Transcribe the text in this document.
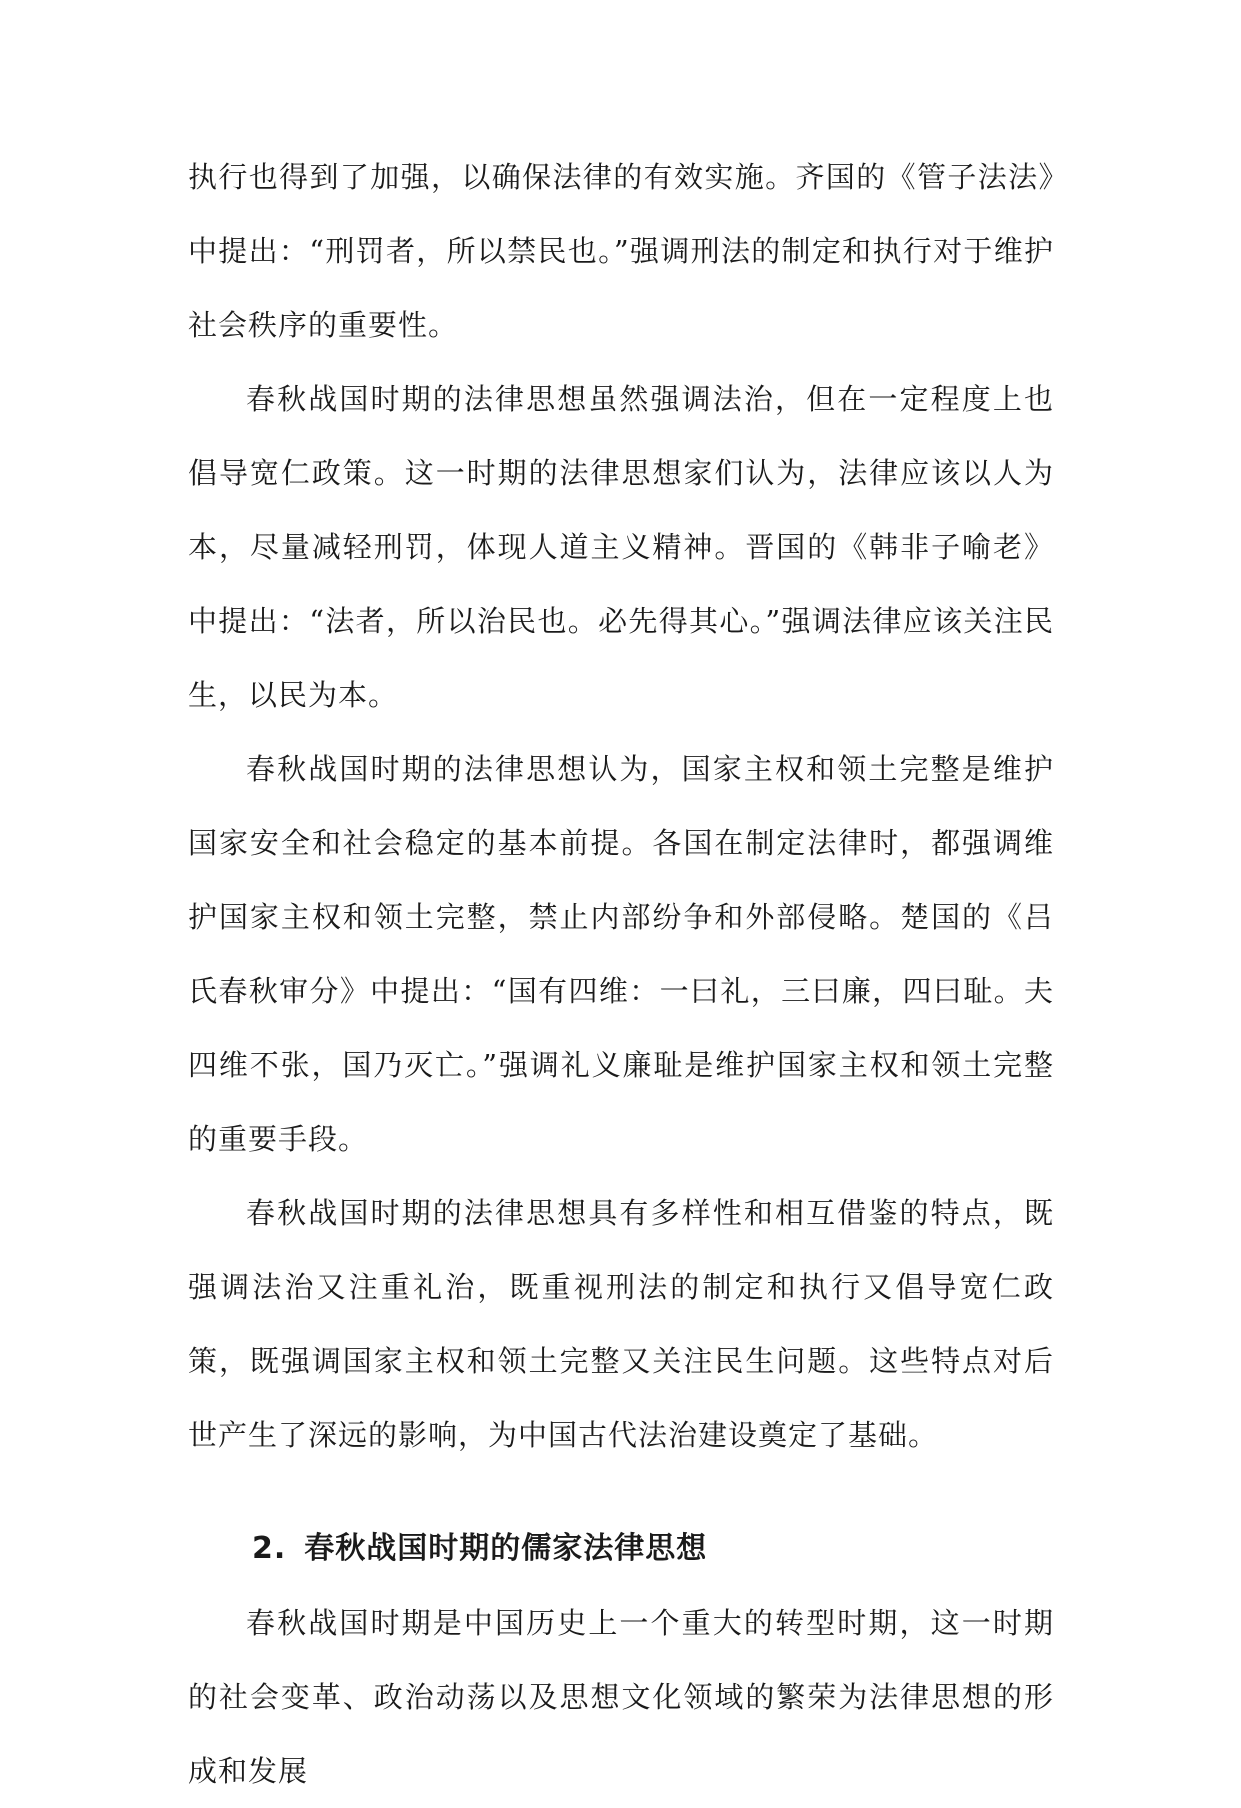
执行也得到了加强，以确保法律的有效实施。齐国的《管子法法》中提出：“刑罚者，所以禁民也。”强调刑法的制定和执行对于维护社会秩序的重要性。

春秋战国时期的法律思想虽然强调法治，但在一定程度上也倡导宽仁政策。这一时期的法律思想家们认为，法律应该以人为本，尽量减轻刑罚，体现人道主义精神。晋国的《韩非子喻老》中提出：“法者，所以治民也。必先得其心。”强调法律应该关注民生，以民为本。

春秋战国时期的法律思想认为，国家主权和领土完整是维护国家安全和社会稳定的基本前提。各国在制定法律时，都强调维护国家主权和领土完整，禁止内部纷争和外部侵略。楚国的《吕氏春秋审分》中提出：“国有四维：一曰礼，三曰廉，四曰耻。夫四维不张，国乃灭亡。”强调礼义廉耻是维护国家主权和领土完整的重要手段。

春秋战国时期的法律思想具有多样性和相互借鉴的特点，既强调法治又注重礼治，既重视刑法的制定和执行又倡导宽仁政策，既强调国家主权和领土完整又关注民生问题。这些特点对后世产生了深远的影响，为中国古代法治建设奠定了基础。

2. 春秋战国时期的儒家法律思想

春秋战国时期是中国历史上一个重大的转型时期，这一时期的社会变革、政治动荡以及思想文化领域的繁荣为法律思想的形成和发展
